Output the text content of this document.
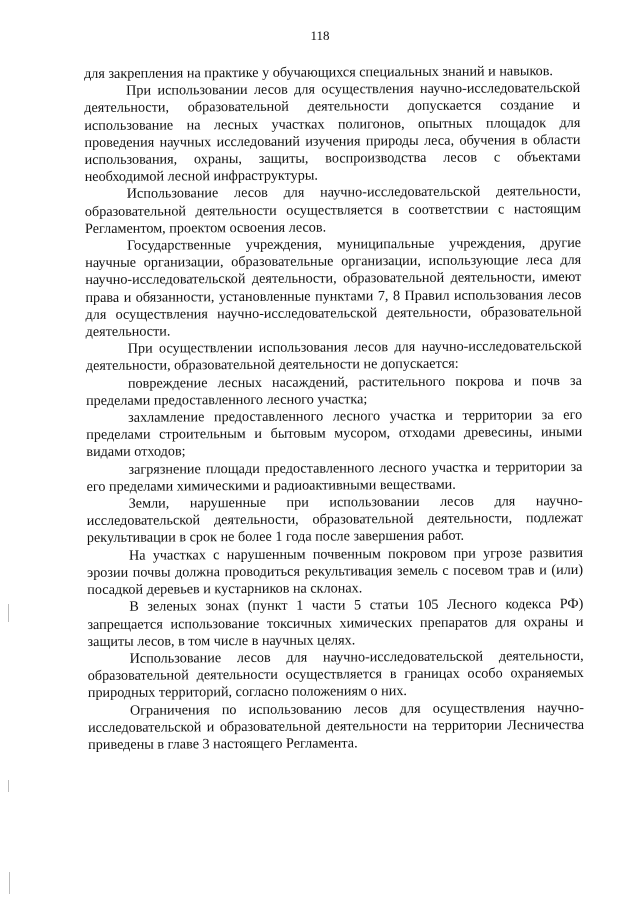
118

для закрепления на практике у обучающихся специальных знаний и навыков.

При использовании лесов для осуществления научно-исследовательской деятельности, образовательной деятельности допускается создание и использование на лесных участках полигонов, опытных площадок для проведения научных исследований изучения природы леса, обучения в области использования, охраны, защиты, воспроизводства лесов с объектами необходимой лесной инфраструктуры.

Использование лесов для научно-исследовательской деятельности, образовательной деятельности осуществляется в соответствии с настоящим Регламентом, проектом освоения лесов.

Государственные учреждения, муниципальные учреждения, другие научные организации, образовательные организации, использующие леса для научно-исследовательской деятельности, образовательной деятельности, имеют права и обязанности, установленные пунктами 7, 8 Правил использования лесов для осуществления научно-исследовательской деятельности, образовательной деятельности.

При осуществлении использования лесов для научно-исследовательской деятельности, образовательной деятельности не допускается:

повреждение лесных насаждений, растительного покрова и почв за пределами предоставленного лесного участка;

захламление предоставленного лесного участка и территории за его пределами строительным и бытовым мусором, отходами древесины, иными видами отходов;

загрязнение площади предоставленного лесного участка и территории за его пределами химическими и радиоактивными веществами.

Земли, нарушенные при использовании лесов для научно-исследовательской деятельности, образовательной деятельности, подлежат рекультивации в срок не более 1 года после завершения работ.

На участках с нарушенным почвенным покровом при угрозе развития эрозии почвы должна проводиться рекультивация земель с посевом трав и (или) посадкой деревьев и кустарников на склонах.

В зеленых зонах (пункт 1 части 5 статьи 105 Лесного кодекса РФ) запрещается использование токсичных химических препаратов для охраны и защиты лесов, в том числе в научных целях.

Использование лесов для научно-исследовательской деятельности, образовательной деятельности осуществляется в границах особо охраняемых природных территорий, согласно положениям о них.

Ограничения по использованию лесов для осуществления научно-исследовательской и образовательной деятельности на территории Лесничества приведены в главе 3 настоящего Регламента.
